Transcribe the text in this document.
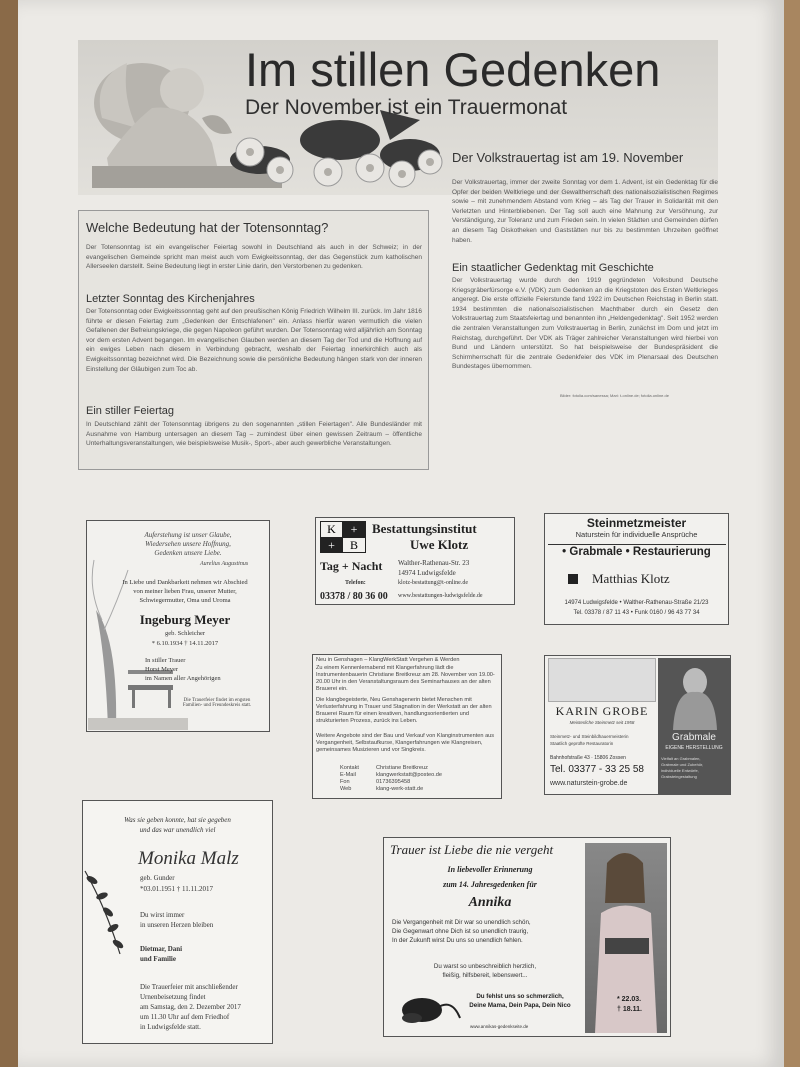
Im stillen Gedenken
Der November ist ein Trauermonat
Der Volkstrauertag ist am 19. November
Welche Bedeutung hat der Totensonntag?
Der Totensonntag ist ein evangelischer Feiertag sowohl in Deutschland als auch in der Schweiz; in der evangelischen Gemeinde spricht man meist auch vom Ewigkeitssonntag, der das Gegenstück zum katholischen Allerseelen darstellt. Seine Bedeutung liegt in erster Linie darin, den Verstorbenen zu gedenken.
Letzter Sonntag des Kirchenjahres
Der Totensonntag oder Ewigkeitssonntag geht auf den preußischen König Friedrich Wilhelm III. zurück. Im Jahr 1816 führte er diesen Feiertag zum „Gedenken der Entschlafenen" ein. Anlass hierfür waren vermutlich die vielen Gefallenen der Befreiungskriege, die gegen Napoleon geführt wurden. Der Totensonntag wird alljährlich am Sonntag vor dem ersten Advent begangen. Im evangelischen Glauben werden an diesem Tag der Tod und die Hoffnung auf ein ewiges Leben nach diesem in Verbindung gebracht, weshalb der Feiertag innerkirchlich auch als Ewigkeitssonntag bezeichnet wird. Die Bezeichnung sowie die persönliche Bedeutung hängen stark von der inneren Einstellung der Gläubigen zum Toc ab.
Ein stiller Feiertag
In Deutschland zählt der Totensonntag übrigens zu den sogenannten „stillen Feiertagen". Alle Bundesländer mit Ausnahme von Hamburg untersagen an diesem Tag – zumindest über einen gewissen Zeitraum – öffentliche Unterhaltungsveranstaltungen, wie beispielsweise Musik-, Sport-, aber auch gewerbliche Veranstaltungen.
Der Volkstrauertag, immer der zweite Sonntag vor dem 1. Advent, ist ein Gedenktag für die Opfer der beiden Weltkriege und der Gewaltherrschaft des nationalsozialistischen Regimes sowie – mit zunehmendem Abstand vom Krieg – als Tag der Trauer in Solidarität mit den Verletzten und Hinterbliebenen. Der Tag soll auch eine Mahnung zur Versöhnung, zur Verständigung, zur Toleranz und zum Frieden sein. In vielen Städten und Gemeinden dürfen an diesem Tag Diskotheken und Gaststätten nur bis zu bestimmten Uhrzeiten geöffnet haben.
Ein staatlicher Gedenktag mit Geschichte
Der Volkstrauertag wurde durch den 1919 gegründeten Volksbund Deutsche Kriegsgräberfürsorge e.V. (VDK) zum Gedenken an die Kriegstoten des Ersten Weltkrieges angeregt. Die erste offizielle Feierstunde fand 1922 im Deutschen Reichstag in Berlin statt. 1934 bestimmten die nationalsozialistischen Machthaber durch ein Gesetz den Volkstrauertag zum Staatsfeiertag und benannten ihn „Heldengedenktag". Seit 1952 werden die zentralen Veranstaltungen zum Volkstrauertag in Berlin, zunächst im Dom und jetzt im Reichstag, durchgeführt. Der VDK als Träger zahlreicher Veranstaltungen wird hierbei von Bund und Ländern unterstützt. So hat beispielsweise der Bundespräsident die Schirmherrschaft für die zentrale Gedenkfeier des VDK im Plenarsaal des Deutschen Bundestages übernommen.
Bilder: fotolia.com/sanessa; Mari: t-online.de; fotolia.online.de
Auferstehung ist unser Glaube,
Wiedersehen unsere Hoffnung,
Gedenken unsere Liebe.
Aurelius Augustinus
In Liebe und Dankbarkeit nehmen wir Abschied
von meiner lieben Frau, unserer Mutter,
Schwiegermutter, Oma und Uroma
Ingeburg Meyer
geb. Schleicher
* 6.10.1934 † 14.11.2017
In stiller Trauer
Horst Meyer
im Namen aller Angehörigen
Die Trauerfeier findet im engsten
Familien- und Freundeskreis statt.
K	+
+	B
Bestattungsinstitut
Uwe Klotz
Tag + Nacht Walther-Rathenau-Str. 23
14974 Ludwigsfelde
Telefon:	klotz-bestattung@t-online.de
03378 / 80 36 00 www.bestattungen-ludwigsfelde.de
Steinmetzmeister
Naturstein für individuelle Ansprüche
• Grabmale • Restaurierung
Matthias Klotz
14974 Ludwigsfelde • Walther-Rathenau-Straße 21/23
Tel. 03378 / 87 11 43 • Funk 0160 / 96 43 77 34
Neu in Genshagen – KlangWerkStatt Vergehen & Werden
Zu einem Kennenlernabend mit Klangerfahrung lädt die Instrumentenbauerin Christiane Breitkreuz am 28. November von 19.00-20.00 Uhr in den Veranstaltungsraum des Seminarhauses an der alten Brauerei ein.
Die klangbegeisterte, Neu Genshagenerin bietet Menschen mit Verlusterfahrung in Trauer und Stagnation in der Werkstatt an der alten Brauerei Raum für einen kreativen, handlungsorientierten und strukturierten Prozess, zurück ins Leben.
Weitere Angebote sind der Bau und Verkauf von Klanginstrumenten aus Vergangenheit, Selbstaufkurse, Klangerfahrungen wie Klangreisen, gemeinsames Musizieren und vor Singkreis.
Kontakt	Christiane Breitkreuz
E-Mail	klangwerkstatt@posteo.de
Fon	01736395458
Web	klang-werk-statt.de
KARIN GROBE
Meisterliche Steinmetz seit 1958
Steinmetz- und Steinbildhauermeisterin
Staatlich geprüfte Restauratorin
Bahnhofstraße 43 · 15806 Zossen
Tel. 03377 - 33 25 58
www.naturstein-grobe.de
Grabmale
EIGENE HERSTELLUNG
Vielfalt an Grabmalen, Grabmale und Zubehör, individuelle Entwürfe, Grabsteingestaltung
Was sie geben konnte, hat sie gegeben
und das war unendlich viel
Monika Malz
geb. Gunder
*03.01.1951 † 11.11.2017
Du wirst immer
in unseren Herzen bleiben
Dietmar, Dani
und Familie
Die Trauerfeier mit anschließender
Urnenbeisetzung findet
am Samstag, den 2. Dezember 2017
um 11.30 Uhr auf dem Friedhof
in Ludwigsfelde statt.
Trauer ist Liebe die nie vergeht
In liebevoller Erinnerung
zum 14. Jahresgedenken für
Annika
Die Vergangenheit mit Dir war so unendlich schön,
Die Gegenwart ohne Dich ist so unendlich traurig,
In der Zukunft wirst Du uns so unendlich fehlen.
Du warst so unbeschreiblich herzlich,
fleißig, hilfsbereit, lebenswert...
Du fehlst uns so schmerzlich,
Deine Mama, Dein Papa, Dein Nico
* 22.03.
† 18.11.
www.annikas-gedenkseite.de
